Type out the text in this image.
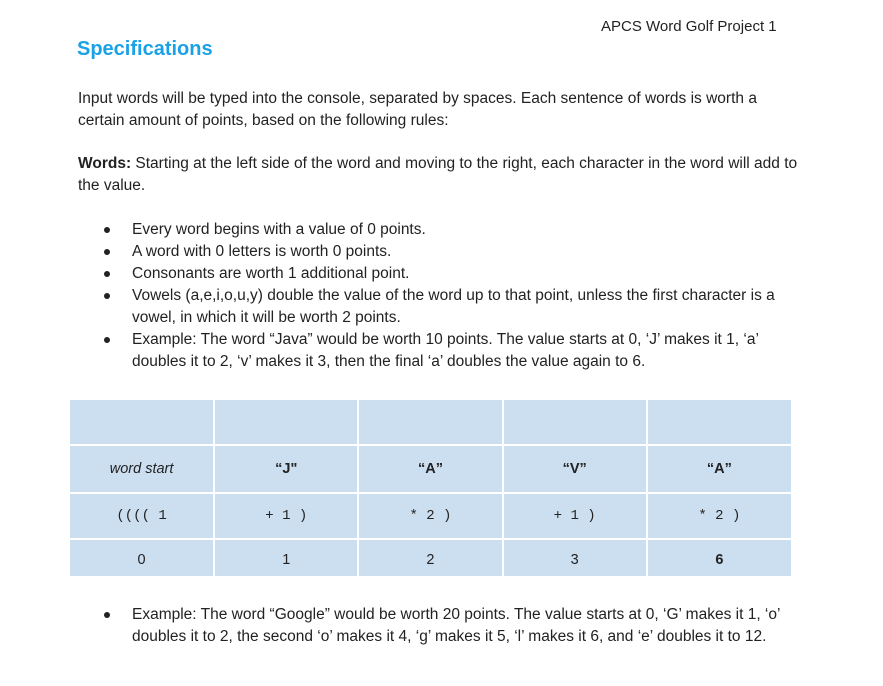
APCS Word Golf Project 1
Specifications

Input words will be typed into the console, separated by spaces. Each sentence of words is worth a certain amount of points, based on the following rules:

Words: Starting at the left side of the word and moving to the right, each character in the word will add to the value.

Every word begins with a value of 0 points.
A word with 0 letters is worth 0 points.
Consonants are worth 1 additional point.
Vowels (a,e,i,o,u,y) double the value of the word up to that point, unless the first character is a vowel, in which it will be worth 2 points.
Example: The word “Java” would be worth 10 points. The value starts at 0, ‘J’ makes it 1, ‘a’ doubles it to 2, ‘v’ makes it 3, then the final ‘a’ doubles the value again to 6.

word start	“J"	“A”	“V”	“A”
(((( 1	+ 1 )	* 2 )	+ 1 )	* 2 )
0	1	2	3	6
Example: The word “Google” would be worth 20 points. The value starts at 0, ‘G’ makes it 1, ‘o’ doubles it to 2, the second ‘o’ makes it 4, ‘g’ makes it 5, ‘l’ makes it 6, and ‘e’ doubles it to 12.
